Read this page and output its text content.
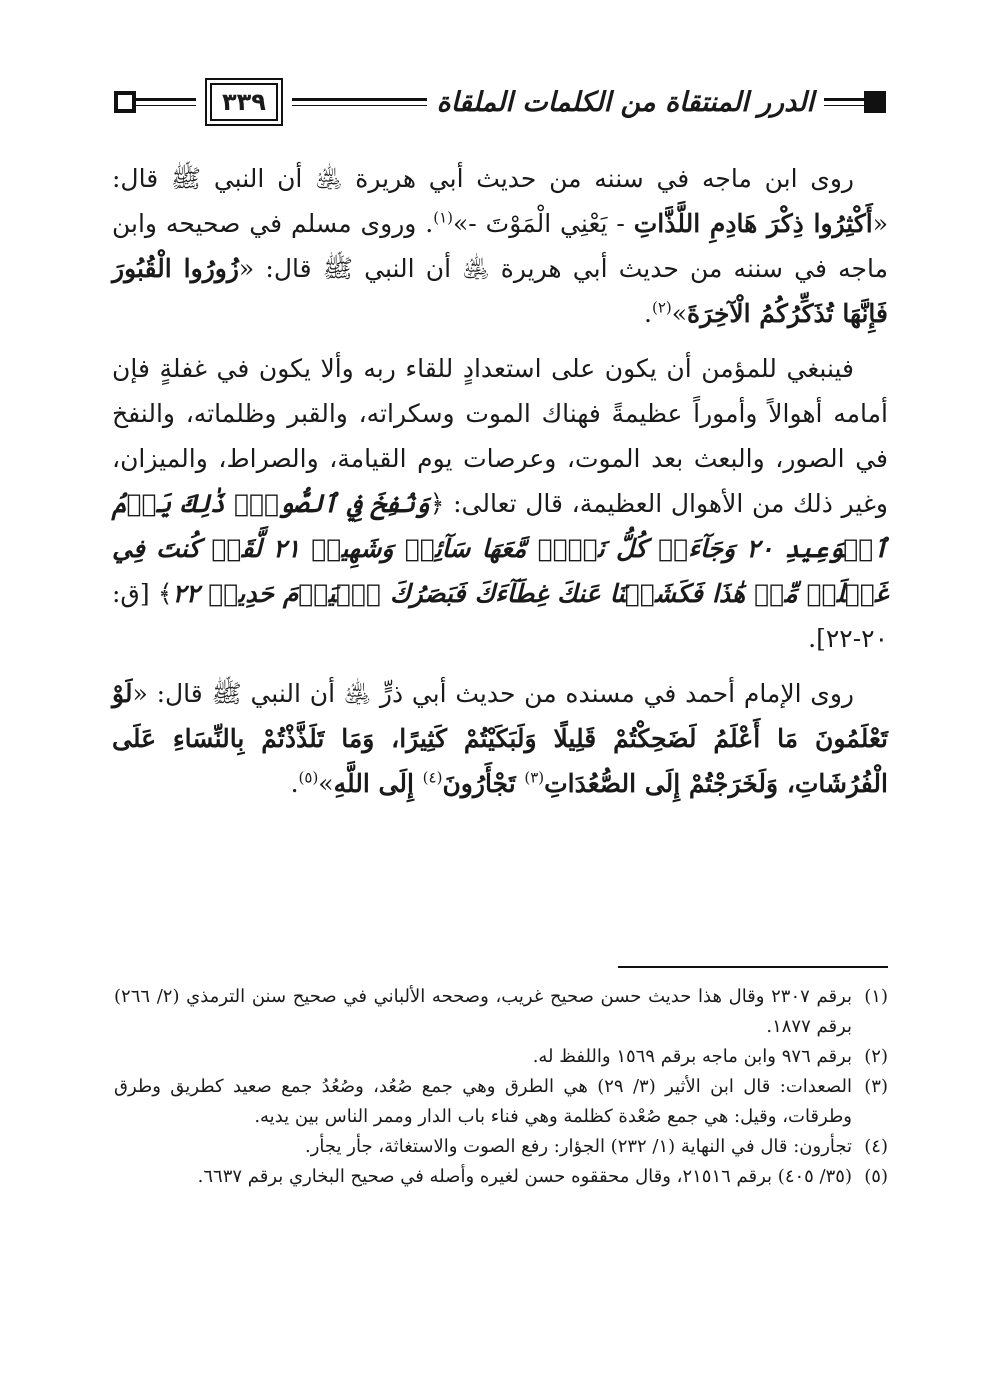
٣٣٩	الدرر المنتقاة من الكلمات الملقاة

روى ابن ماجه في سننه من حديث أبي هريرة ﵁ أن النبي ﷺ قال: «أَكْثِرُوا ذِكْرَ هَادِمِ اللَّذَّاتِ - يَعْنِي الْمَوْتَ -»$^{(١)}$. وروى مسلم في صحيحه وابن ماجه في سننه من حديث أبي هريرة ﵁ أن النبي ﷺ قال: «زُورُوا الْقُبُورَ فَإِنَّهَا تُذَكِّرُكُمُ الْآخِرَةَ»$^{(٢)}$.

فينبغي للمؤمن أن يكون على استعدادٍ للقاء ربه وألا يكون في غفلةٍ فإن أمامه أهوالاً وأموراً عظيمةً فهناك الموت وسكراته، والقبر وظلماته، والنفخ في الصور، والبعث بعد الموت، وعرصات يوم القيامة، والصراط، والميزان، وغير ذلك من الأهوال العظيمة، قال تعالى: ﴿وَنُفِخَ فِي ٱلصُّورِۚ ذَٰلِكَ يَوۡمُ ٱلۡوَعِيدِ ٢٠ وَجَآءَتۡ كُلُّ نَفۡسٖ مَّعَهَا سَآئِقٞ وَشَهِيدٞ ٢١ لَّقَدۡ كُنتَ فِي غَفۡلَةٖ مِّنۡ هَٰذَا فَكَشَفۡنَا عَنكَ غِطَآءَكَ فَبَصَرُكَ ٱلۡيَوۡمَ حَدِيدٞ ٢٢﴾ [ق: ٢٠-٢٢].

روى الإمام أحمد في مسنده من حديث أبي ذرٍّ ﵁ أن النبي ﷺ قال: «لَوْ تَعْلَمُونَ مَا أَعْلَمُ لَضَحِكْتُمْ قَلِيلًا وَلَبَكَيْتُمْ كَثِيرًا، وَمَا تَلَذَّذْتُمْ بِالنِّسَاءِ عَلَى الْفُرُشَاتِ، وَلَخَرَجْتُمْ إِلَى الصُّعُدَاتِ$^{(٣)}$ تَجْأَرُونَ$^{(٤)}$ إِلَى اللَّهِ»$^{(٥)}$.

(١)
برقم ٢٣٠٧ وقال هذا حديث حسن صحيح غريب، وصححه الألباني في صحيح سنن الترمذي (٢/ ٢٦٦) برقم ١٨٧٧.
(٢)
برقم ٩٧٦ وابن ماجه برقم ١٥٦٩ واللفظ له.
(٣)
الصعدات: قال ابن الأثير (٣/ ٢٩) هي الطرق وهي جمع صُعُد، وصُعُدُ جمع صعيد كطريق وطرق وطرقات، وقيل: هي جمع صُعْدة كظلمة وهي فناء باب الدار وممر الناس بين يديه.
(٤)
تجأرون: قال في النهاية (١/ ٢٣٢) الجؤار: رفع الصوت والاستغاثة، جأر يجأر.
(٥)
(٣٥/ ٤٠٥) برقم ٢١٥١٦، وقال محققوه حسن لغيره وأصله في صحيح البخاري برقم ٦٦٣٧.
